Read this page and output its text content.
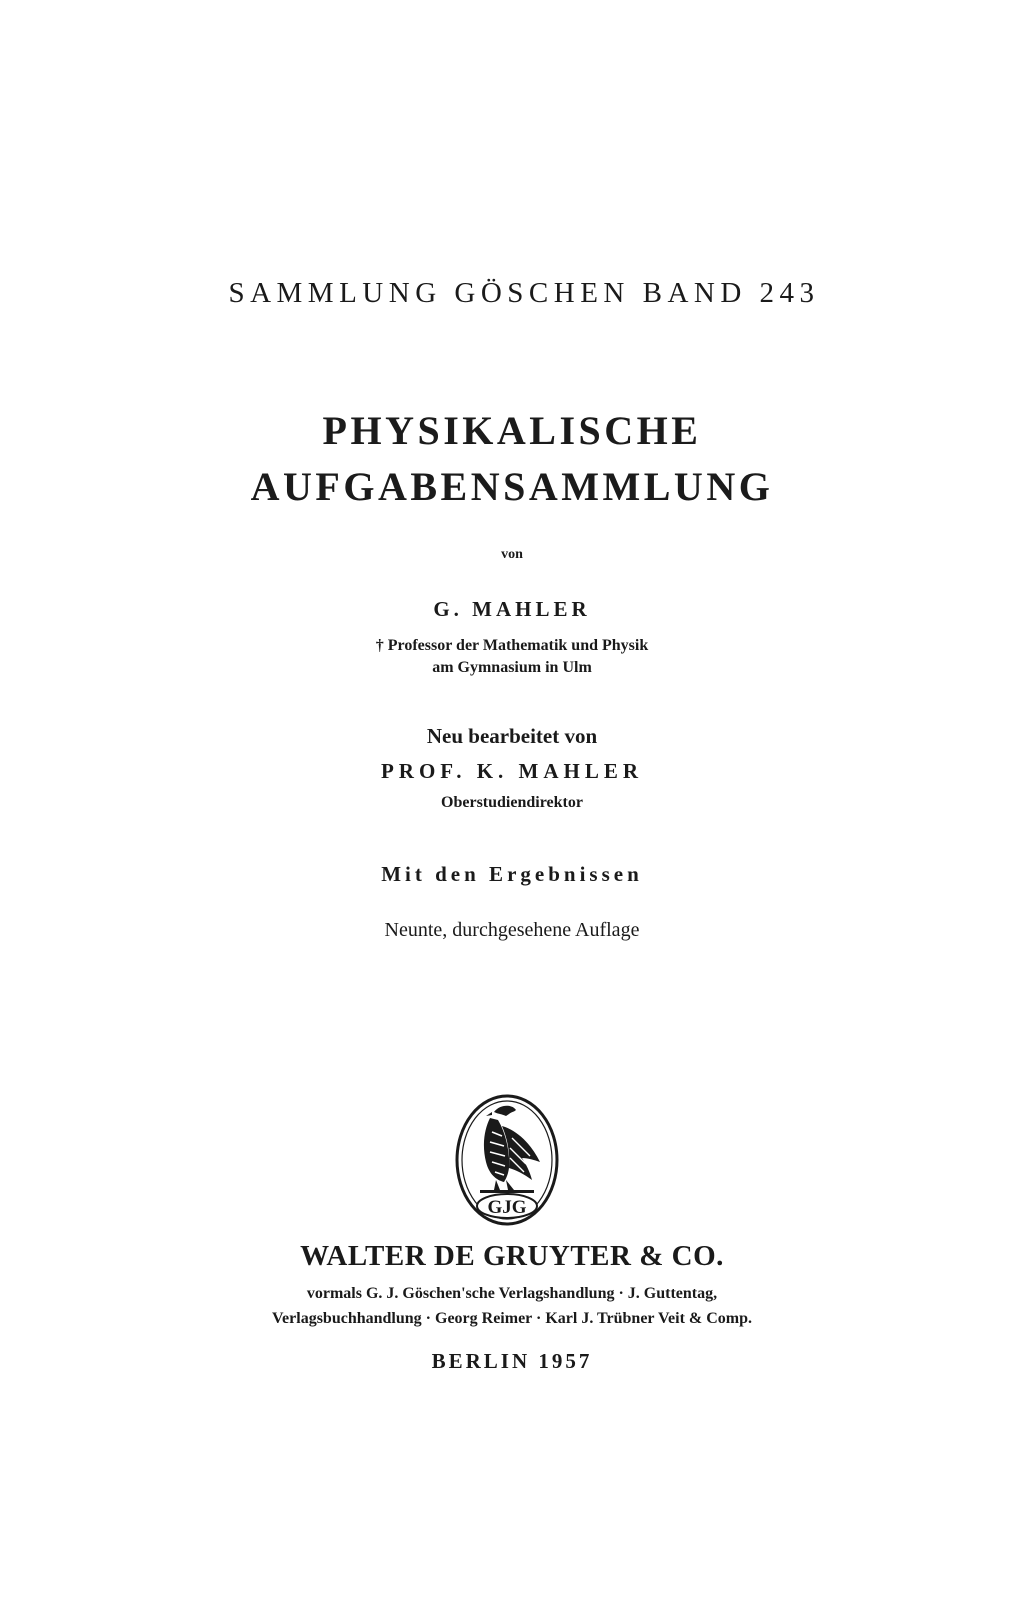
SAMMLUNG GÖSCHEN BAND 243
PHYSIKALISCHE
AUFGABENSAMMLUNG
von
G. MAHLER
† Professor der Mathematik und Physik
am Gymnasium in Ulm
Neu bearbeitet von
PROF. K. MAHLER
Oberstudiendirektor
Mit den Ergebnissen
Neunte, durchgesehene Auflage
GJG
WALTER DE GRUYTER & CO.
vormals G. J. Göschen'sche Verlagshandlung · J. Guttentag,
Verlagsbuchhandlung · Georg Reimer · Karl J. Trübner Veit & Comp.
BERLIN 1957
